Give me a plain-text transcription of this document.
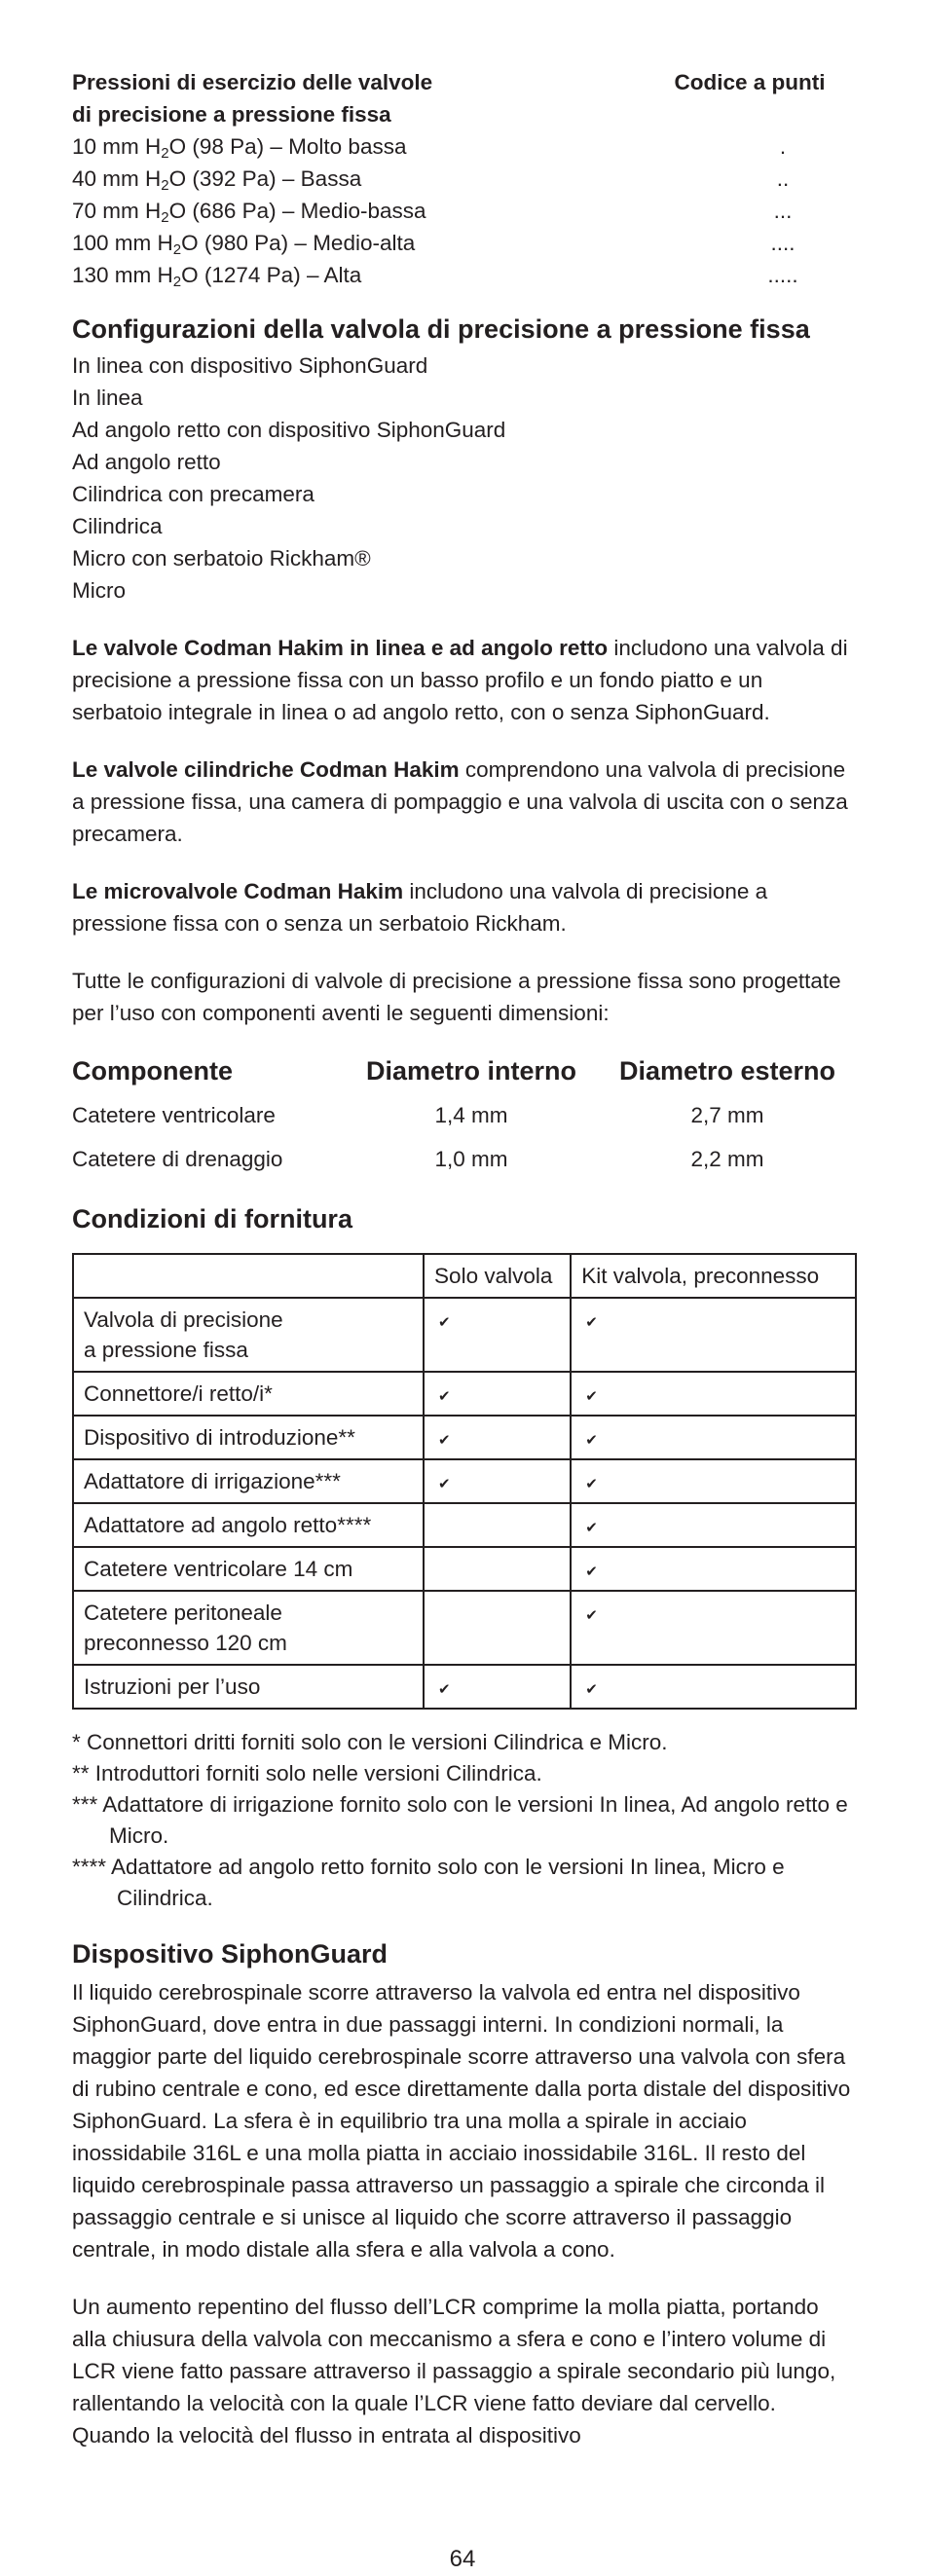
Pressioni di esercizio delle valvole
di precisione a pressione fissa
Codice a punti
10 mm $H_2O$ (98 Pa) – Molto bassa	.
40 mm $H_2O$ (392 Pa) – Bassa	..
70 mm $H_2O$ (686 Pa) – Medio-bassa	...
100 mm $H_2O$ (980 Pa) – Medio-alta	....
130 mm $H_2O$ (1274 Pa) – Alta	.....
Configurazioni della valvola di precisione a pressione fissa
In linea con dispositivo SiphonGuard
In linea
Ad angolo retto con dispositivo SiphonGuard
Ad angolo retto
Cilindrica con precamera
Cilindrica
Micro con serbatoio Rickham®
Micro

Le valvole Codman Hakim in linea e ad angolo retto includono una valvola di precisione a pressione fissa con un basso profilo e un fondo piatto e un serbatoio integrale in linea o ad angolo retto, con o senza SiphonGuard.

Le valvole cilindriche Codman Hakim comprendono una valvola di precisione a pressione fissa, una camera di pompaggio e una valvola di uscita con o senza precamera.

Le microvalvole Codman Hakim includono una valvola di precisione a pressione fissa con o senza un serbatoio Rickham.

Tutte le configurazioni di valvole di precisione a pressione fissa sono progettate per l’uso con componenti aventi le seguenti dimensioni:

Componente	Diametro interno	Diametro esterno
Catetere ventricolare	1,4 mm	2,7 mm
Catetere di drenaggio	1,0 mm	2,2 mm
Condizioni di fornitura
	Solo valvola	Kit valvola, preconnesso

Valvola di precisione
a pressione fissa	✔	✔
Connettore/i retto/i*	✔	✔
Dispositivo di introduzione**	✔	✔
Adattatore di irrigazione***	✔	✔
Adattatore ad angolo retto****		✔
Catetere ventricolare 14 cm		✔

Catetere peritoneale
preconnesso 120 cm		✔
Istruzioni per l’uso	✔	✔
* Connettori dritti forniti solo con le versioni Cilindrica e Micro.
** Introduttori forniti solo nelle versioni Cilindrica.
*** Adattatore di irrigazione fornito solo con le versioni In linea, Ad angolo retto e Micro.
**** Adattatore ad angolo retto fornito solo con le versioni In linea, Micro e Cilindrica.
Dispositivo SiphonGuard

Il liquido cerebrospinale scorre attraverso la valvola ed entra nel dispositivo SiphonGuard, dove entra in due passaggi interni. In condizioni normali, la maggior parte del liquido cerebrospinale scorre attraverso una valvola con sfera di rubino centrale e cono, ed esce direttamente dalla porta distale del dispositivo SiphonGuard. La sfera è in equilibrio tra una molla a spirale in acciaio inossidabile 316L e una molla piatta in acciaio inossidabile 316L. Il resto del liquido cerebrospinale passa attraverso un passaggio a spirale che circonda il passaggio centrale e si unisce al liquido che scorre attraverso il passaggio centrale, in modo distale alla sfera e alla valvola a cono.

Un aumento repentino del flusso dell’LCR comprime la molla piatta, portando alla chiusura della valvola con meccanismo a sfera e cono e l’intero volume di LCR viene fatto passare attraverso il passaggio a spirale secondario più lungo, rallentando la velocità con la quale l’LCR viene fatto deviare dal cervello. Quando la velocità del flusso in entrata al dispositivo

64
